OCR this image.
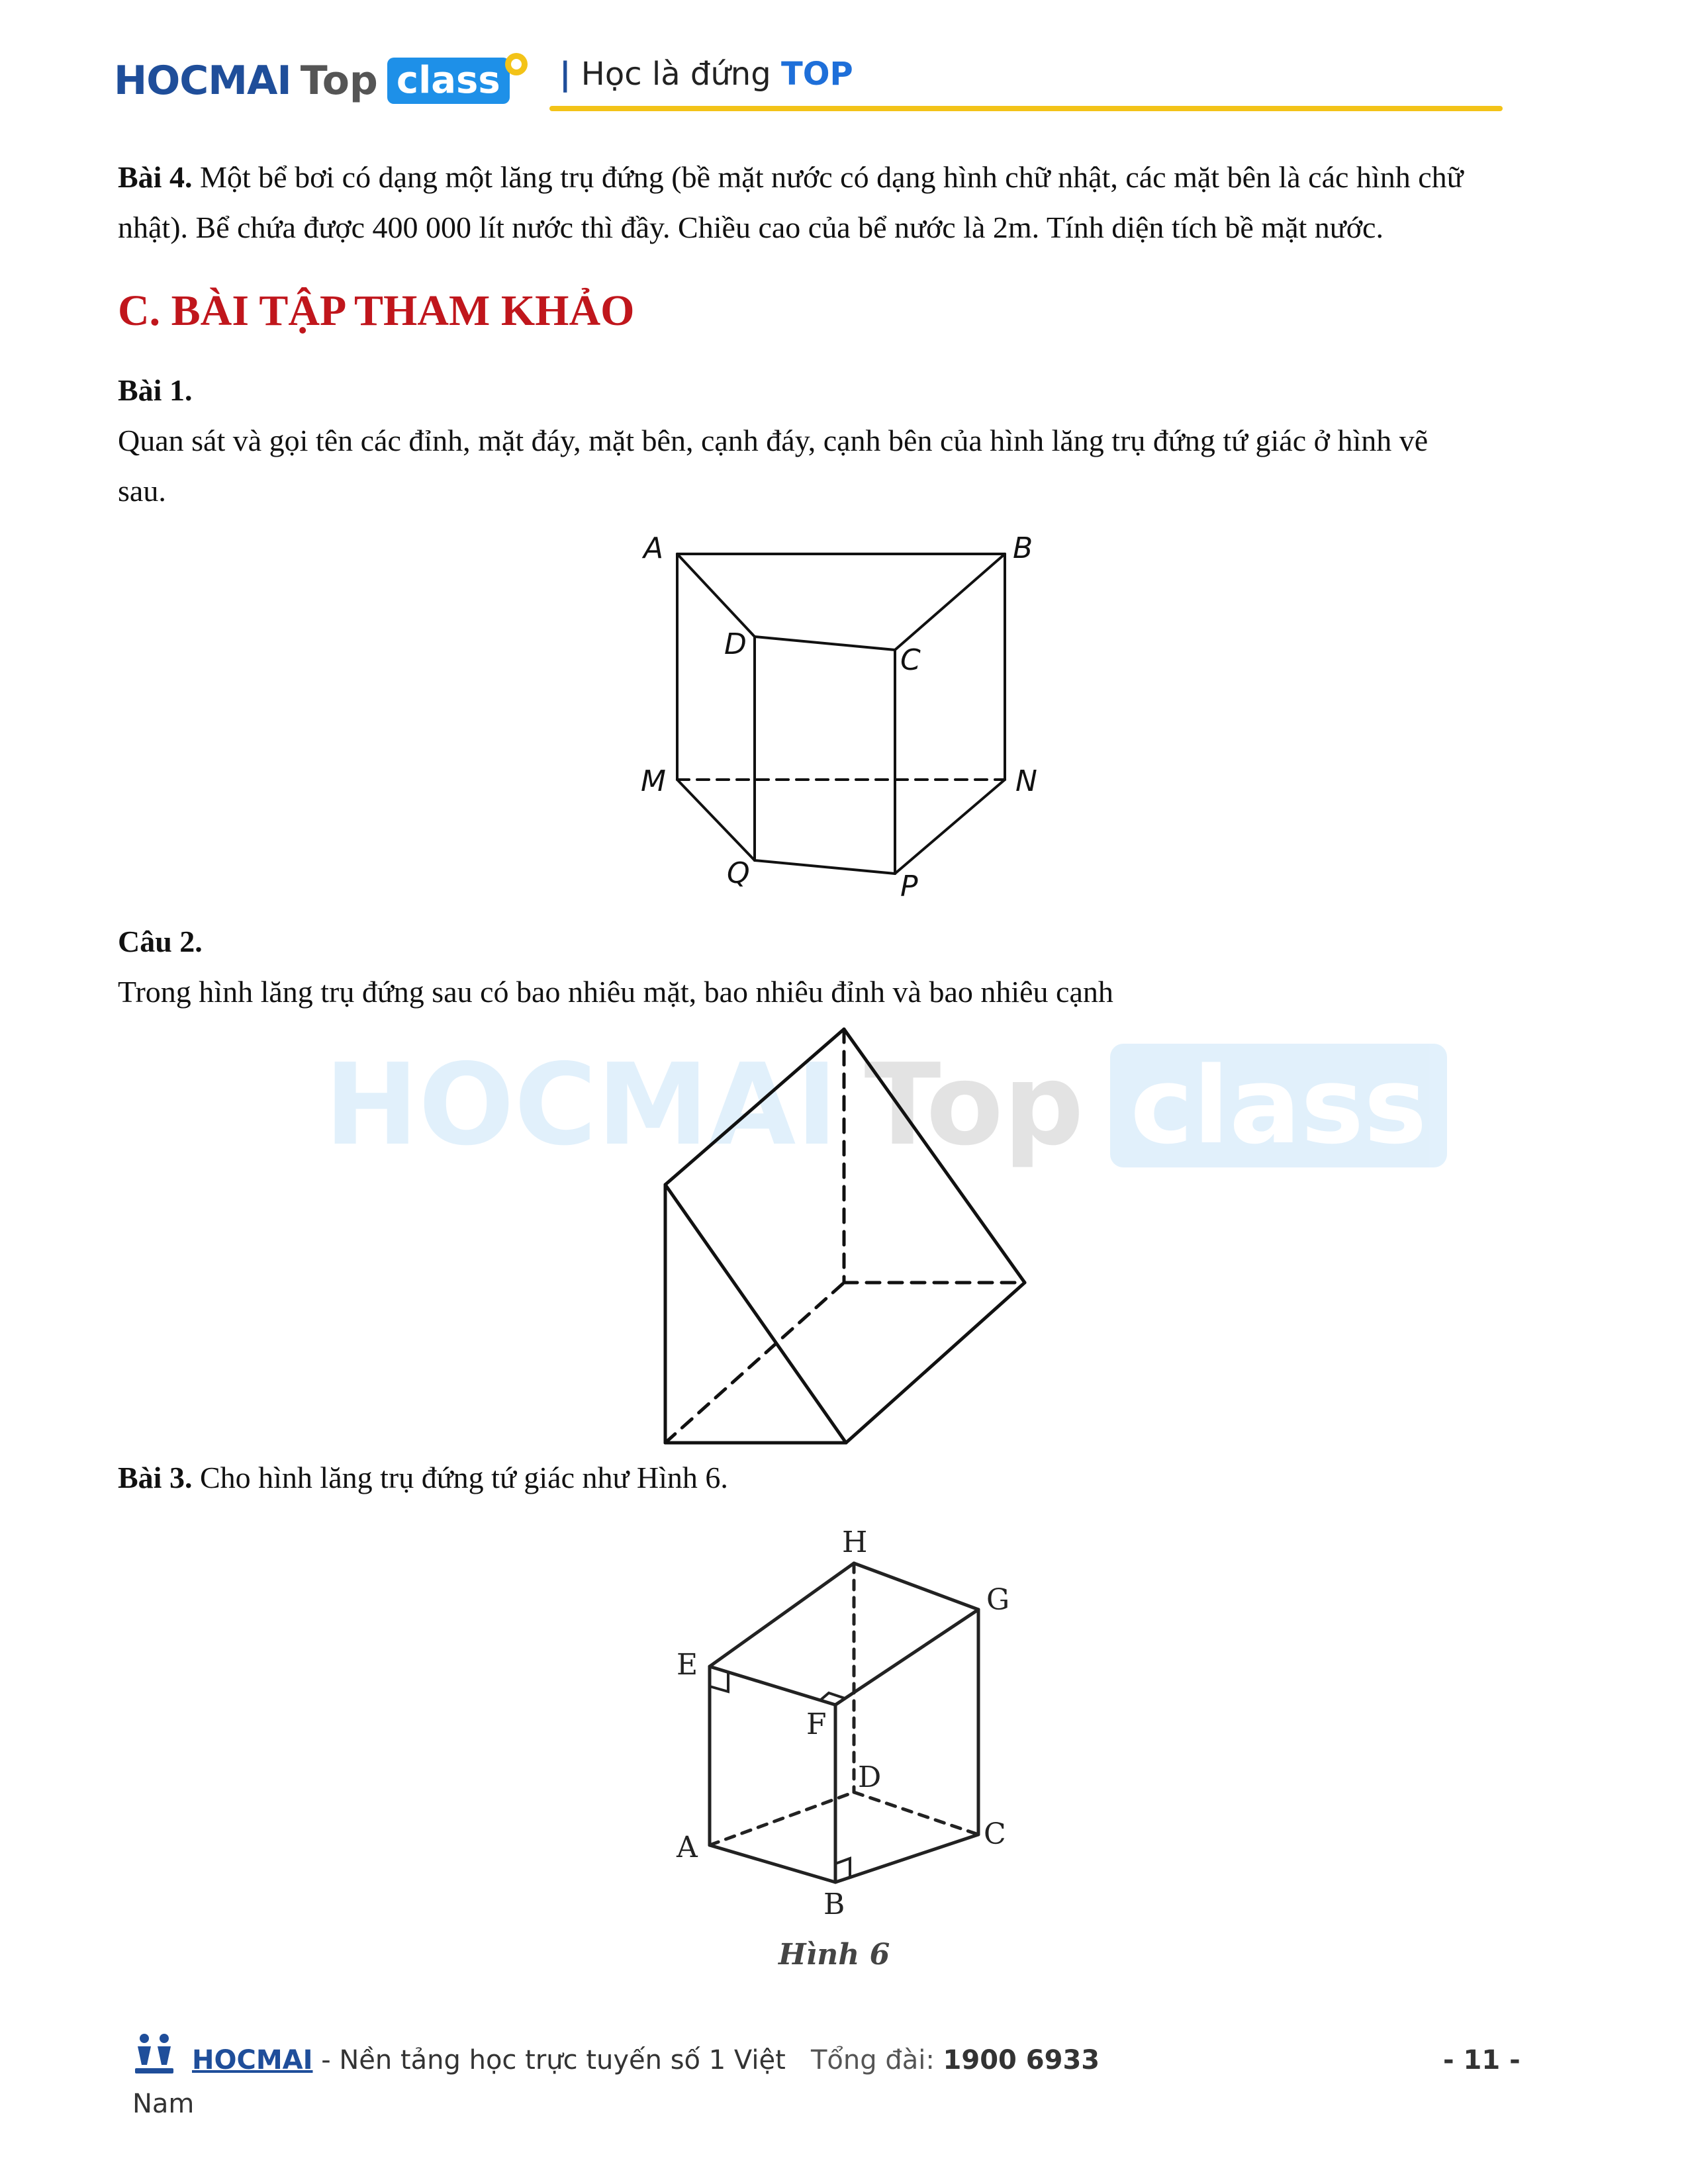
HOCMAI Top class | Học là đứng TOP
HOCMAI Top class
Bài 4. Một bể bơi có dạng một lăng trụ đứng (bề mặt nước có dạng hình chữ nhật, các mặt bên là các hình chữ
nhật). Bể chứa được 400 000 lít nước thì đầy. Chiều cao của bể nước là 2m. Tính diện tích bề mặt nước.
C. BÀI TẬP THAM KHẢO
Bài 1.
Quan sát và gọi tên các đỉnh, mặt đáy, mặt bên, cạnh đáy, cạnh bên của hình lăng trụ đứng tứ giác ở hình vẽ
sau.
A	B
D	C
M	N
Q	P
Câu 2.
Trong hình lăng trụ đứng sau có bao nhiêu mặt, bao nhiêu đỉnh và bao nhiêu cạnh
Bài 3. Cho hình lăng trụ đứng tứ giác như Hình 6.
H
G
E
F
D
A	C
B
Hình 6
HOCMAI - Nền tảng học trực tuyến số 1 Việt Tổng đài: 1900 6933	- 11 -
Nam
